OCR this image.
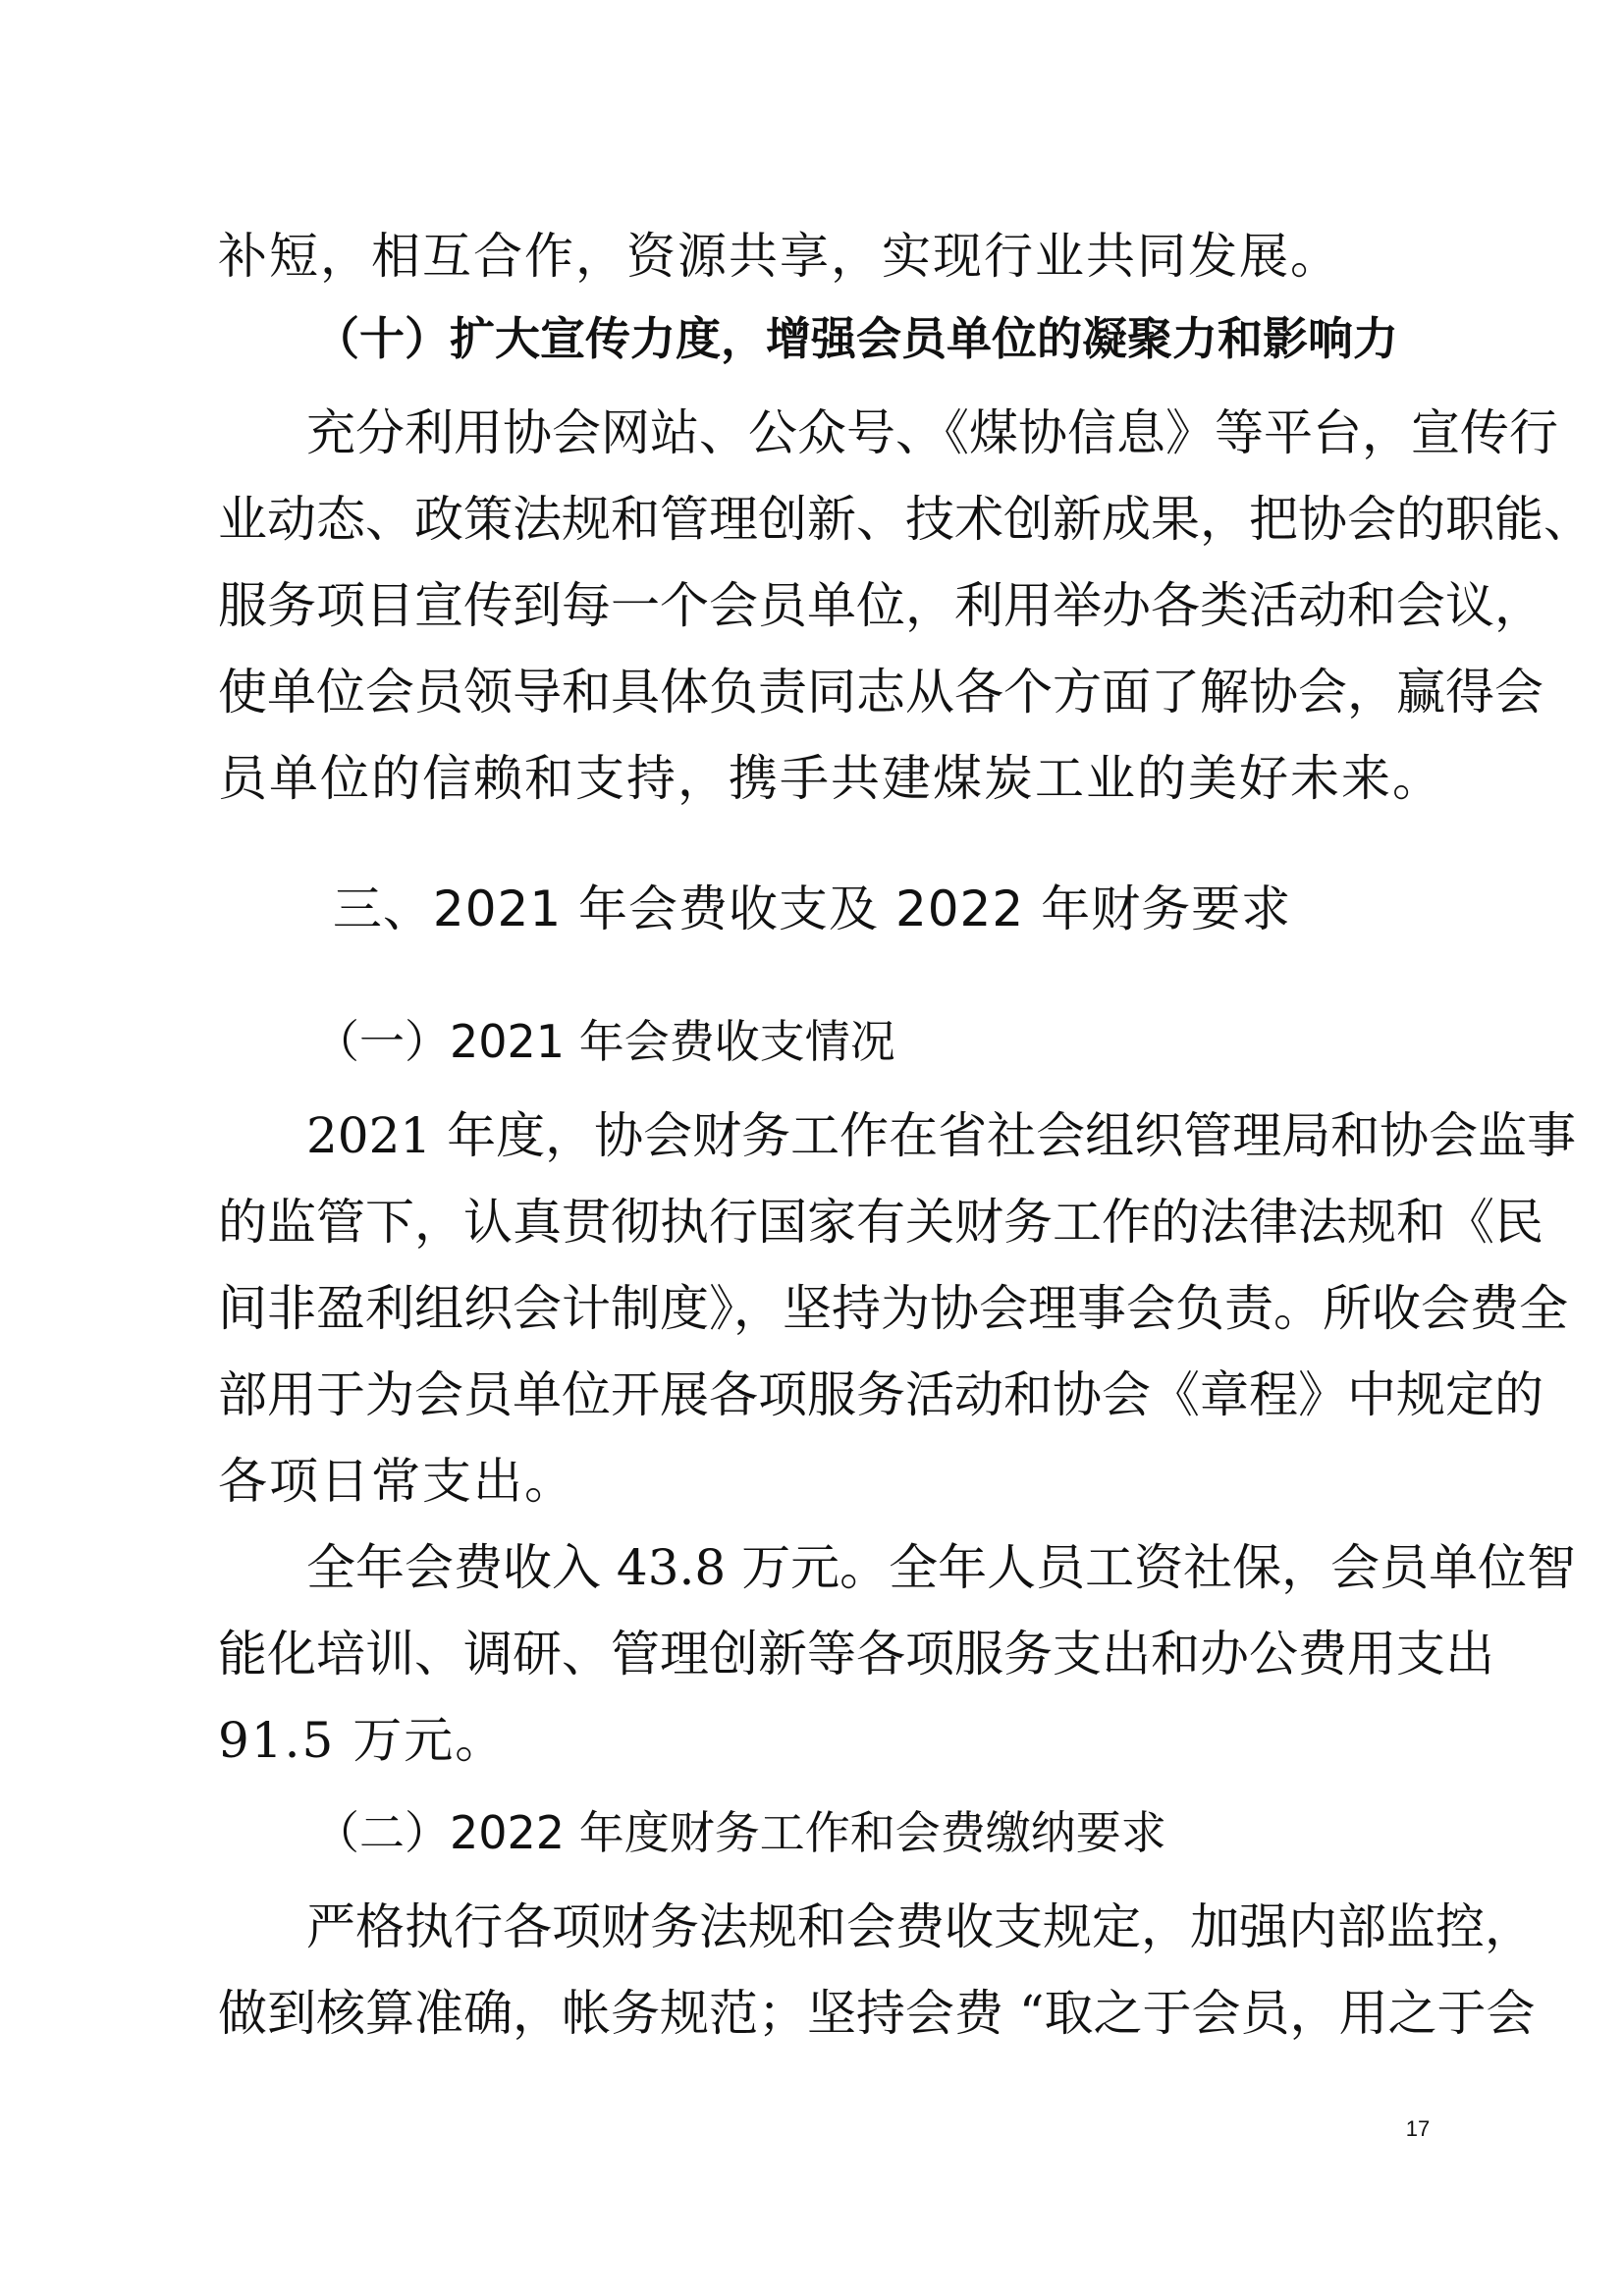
补短，相互合作，资源共享，实现行业共同发展。
（十）扩大宣传力度，增强会员单位的凝聚力和影响力
充分利用协会网站、公众号、《煤协信息》等平台，宣传行
业动态、政策法规和管理创新、技术创新成果，把协会的职能、
服务项目宣传到每一个会员单位，利用举办各类活动和会议，
使单位会员领导和具体负责同志从各个方面了解协会，赢得会
员单位的信赖和支持，携手共建煤炭工业的美好未来。
三、2021 年会费收支及 2022 年财务要求
（一）2021 年会费收支情况
2021 年度，协会财务工作在省社会组织管理局和协会监事
的监管下，认真贯彻执行国家有关财务工作的法律法规和《民
间非盈利组织会计制度》，坚持为协会理事会负责。所收会费全
部用于为会员单位开展各项服务活动和协会《章程》中规定的
各项日常支出。
全年会费收入 43.8 万元。全年人员工资社保，会员单位智
能化培训、调研、管理创新等各项服务支出和办公费用支出
91.5 万元。
（二）2022 年度财务工作和会费缴纳要求
严格执行各项财务法规和会费收支规定，加强内部监控，
做到核算准确，帐务规范；坚持会费 “取之于会员，用之于会
17
